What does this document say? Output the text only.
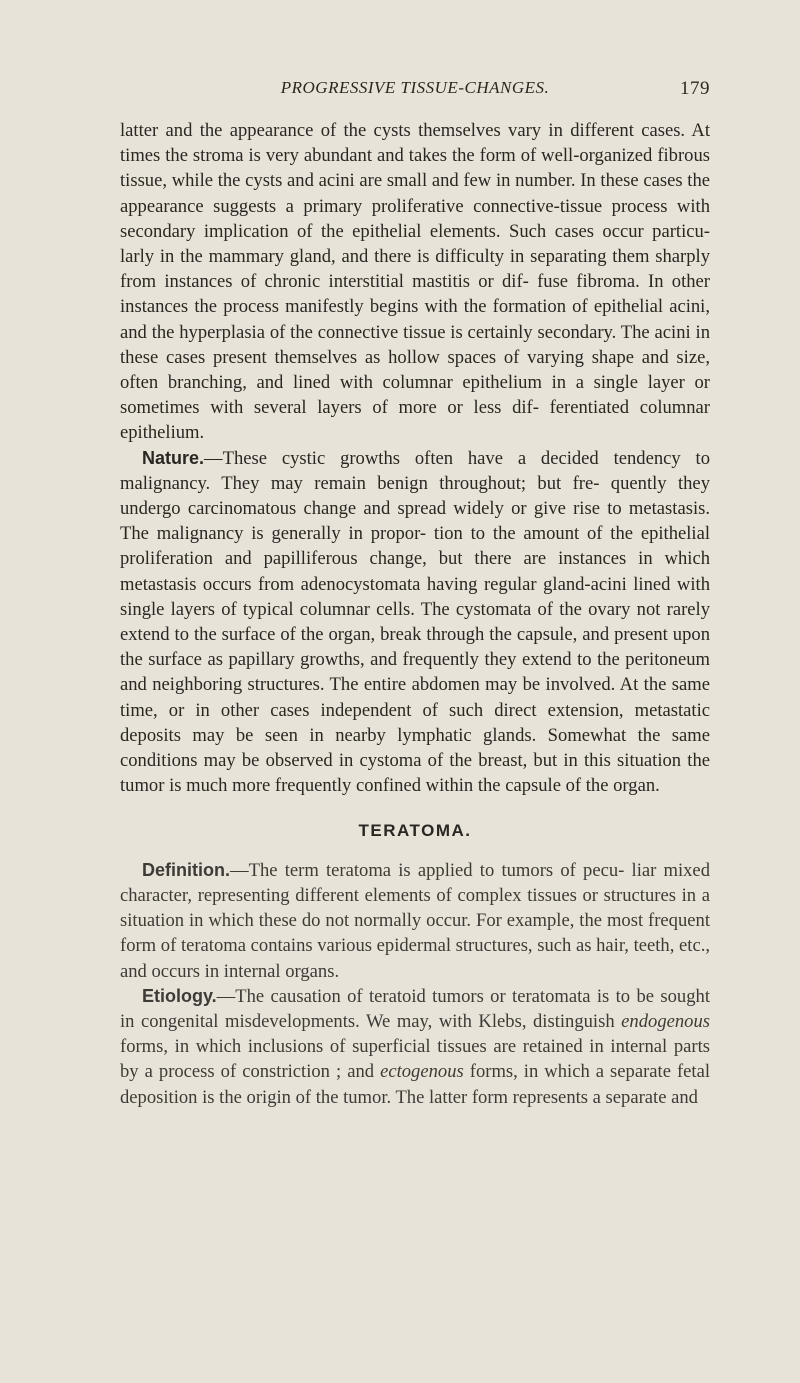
PROGRESSIVE TISSUE-CHANGES.	179

latter and the appearance of the cysts themselves vary in different cases. At times the stroma is very abundant and takes the form of well-organized fibrous tissue, while the cysts and acini are small and few in number. In these cases the appearance suggests a primary proliferative connective-tissue process with secondary implication of the epithelial elements. Such cases occur particu- larly in the mammary gland, and there is difficulty in separating them sharply from instances of chronic interstitial mastitis or dif- fuse fibroma. In other instances the process manifestly begins with the formation of epithelial acini, and the hyperplasia of the connective tissue is certainly secondary. The acini in these cases present themselves as hollow spaces of varying shape and size, often branching, and lined with columnar epithelium in a single layer or sometimes with several layers of more or less dif- ferentiated columnar epithelium.

Nature.—These cystic growths often have a decided tendency to malignancy. They may remain benign throughout; but fre- quently they undergo carcinomatous change and spread widely or give rise to metastasis. The malignancy is generally in propor- tion to the amount of the epithelial proliferation and papilliferous change, but there are instances in which metastasis occurs from adenocystomata having regular gland-acini lined with single layers of typical columnar cells. The cystomata of the ovary not rarely extend to the surface of the organ, break through the capsule, and present upon the surface as papillary growths, and frequently they extend to the peritoneum and neighboring structures. The entire abdomen may be involved. At the same time, or in other cases independent of such direct extension, metastatic deposits may be seen in nearby lymphatic glands. Somewhat the same conditions may be observed in cystoma of the breast, but in this situation the tumor is much more frequently confined within the capsule of the organ.

TERATOMA.

Definition.—The term teratoma is applied to tumors of pecu- liar mixed character, representing different elements of complex tissues or structures in a situation in which these do not normally occur. For example, the most frequent form of teratoma contains various epidermal structures, such as hair, teeth, etc., and occurs in internal organs.

Etiology.—The causation of teratoid tumors or teratomata is to be sought in congenital misdevelopments. We may, with Klebs, distinguish endogenous forms, in which inclusions of superficial tissues are retained in internal parts by a process of constriction ; and ectogenous forms, in which a separate fetal deposition is the origin of the tumor. The latter form represents a separate and
